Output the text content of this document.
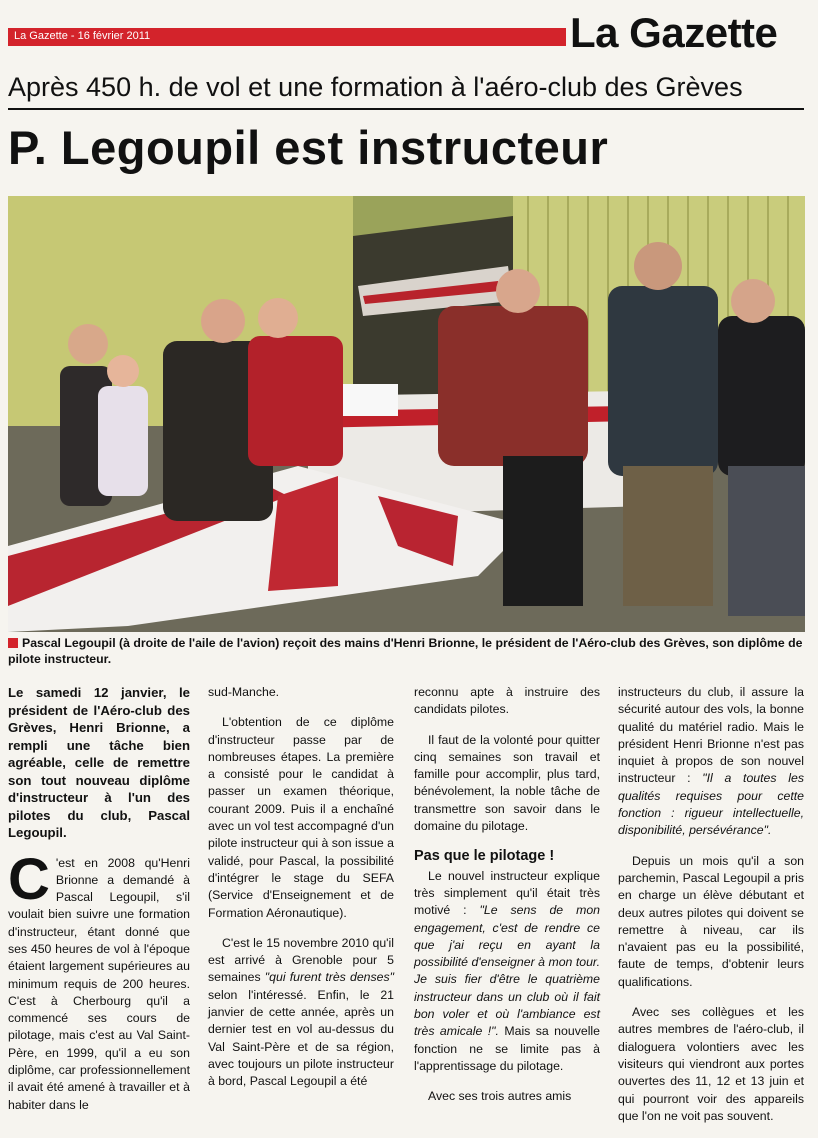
La Gazette - 16 février 2011	La Gazette
Après 450 h. de vol et une formation à l'aéro-club des Grèves
P. Legoupil est instructeur
Pascal Legoupil (à droite de l'aile de l'avion) reçoit des mains d'Henri Brionne, le président de l'Aéro-club des Grèves, son diplôme de pilote instructeur.

Le samedi 12 janvier, le président de l'Aéro-club des Grèves, Henri Brionne, a rempli une tâche bien agréable, celle de remettre son tout nouveau diplôme d'instructeur à l'un des pilotes du club, Pascal Legoupil.

C 'est en 2008 qu'Henri Brionne a demandé à Pascal Legoupil, s'il voulait bien suivre une formation d'instructeur, étant donné que ses 450 heures de vol à l'époque étaient largement supérieures au minimum requis de 200 heures. C'est à Cherbourg qu'il a commencé ses cours de pilotage, mais c'est au Val Saint-Père, en 1999, qu'il a eu son diplôme, car professionnellement il avait été amené à travailler et à habiter dans le

sud-Manche.

L'obtention de ce diplôme d'instructeur passe par de nombreuses étapes. La première a consisté pour le candidat à passer un examen théorique, courant 2009. Puis il a enchaîné avec un vol test accompagné d'un pilote instructeur qui à son issue a validé, pour Pascal, la possibilité d'intégrer le stage du SEFA (Service d'Enseignement et de Formation Aéronautique).

C'est le 15 novembre 2010 qu'il est arrivé à Grenoble pour 5 semaines "qui furent très denses" selon l'intéressé. Enfin, le 21 janvier de cette année, après un dernier test en vol au-dessus du Val Saint-Père et de sa région, avec toujours un pilote instructeur à bord, Pascal Legoupil a été

reconnu apte à instruire des candidats pilotes.

Il faut de la volonté pour quitter cinq semaines son travail et famille pour accomplir, plus tard, bénévolement, la noble tâche de transmettre son savoir dans le domaine du pilotage.

Pas que le pilotage !

Le nouvel instructeur explique très simplement qu'il était très motivé : "Le sens de mon engagement, c'est de rendre ce que j'ai reçu en ayant la possibilité d'enseigner à mon tour. Je suis fier d'être le quatrième instructeur dans un club où il fait bon voler et où l'ambiance est très amicale !". Mais sa nouvelle fonction ne se limite pas à l'apprentissage du pilotage.

Avec ses trois autres amis

instructeurs du club, il assure la sécurité autour des vols, la bonne qualité du matériel radio. Mais le président Henri Brionne n'est pas inquiet à propos de son nouvel instructeur : "Il a toutes les qualités requises pour cette fonction : rigueur intellectuelle, disponibilité, persévérance".

Depuis un mois qu'il a son parchemin, Pascal Legoupil a pris en charge un élève débutant et deux autres pilotes qui doivent se remettre à niveau, car ils n'avaient pas eu la possibilité, faute de temps, d'obtenir leurs qualifications.

Avec ses collègues et les autres membres de l'aéro-club, il dialoguera volontiers avec les visiteurs qui viendront aux portes ouvertes des 11, 12 et 13 juin et qui pourront voir des appareils que l'on ne voit pas souvent.
